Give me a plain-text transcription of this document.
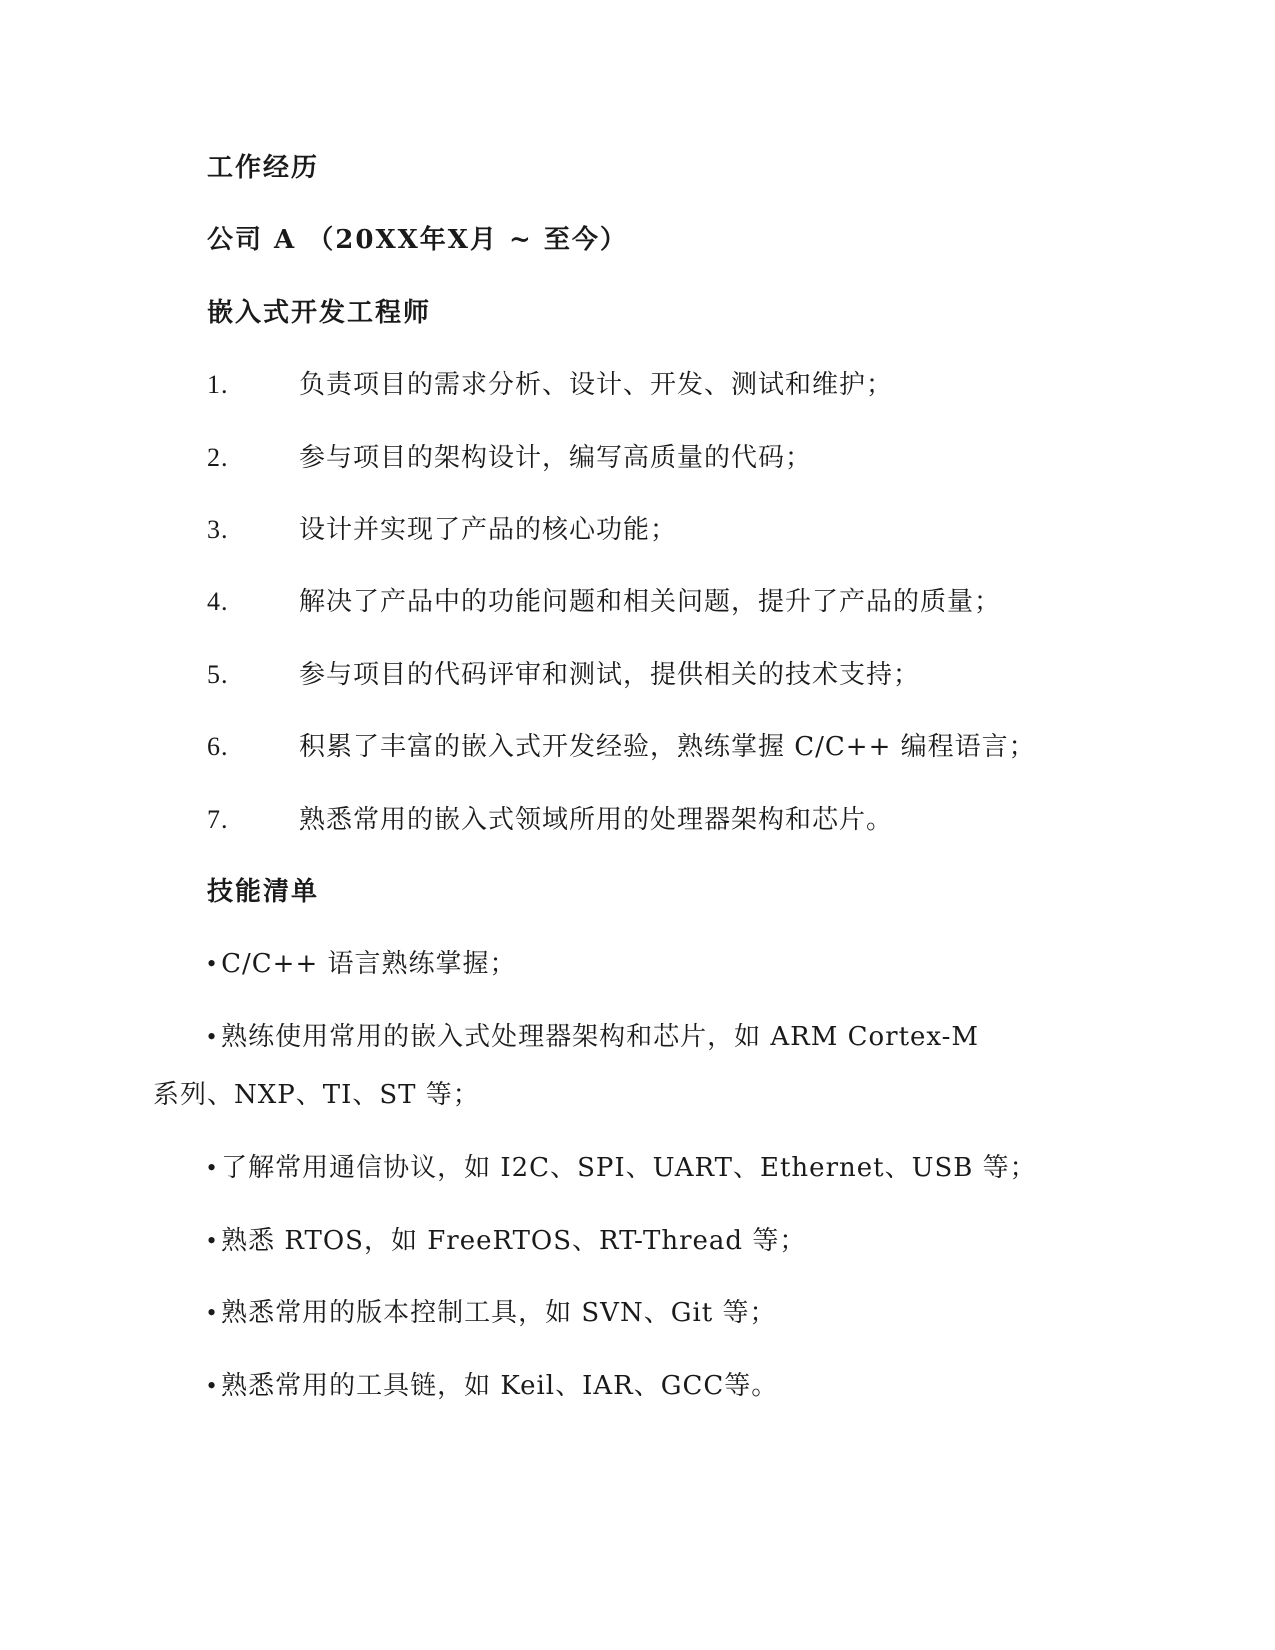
工作经历
公司 A （20XX年X月 ~ 至今）
嵌入式开发工程师
1.	负责项目的需求分析、设计、开发、测试和维护；
2.	参与项目的架构设计，编写高质量的代码；
3.	设计并实现了产品的核心功能；
4.	解决了产品中的功能问题和相关问题，提升了产品的质量；
5.	参与项目的代码评审和测试，提供相关的技术支持；
6.	积累了丰富的嵌入式开发经验，熟练掌握 C/C++ 编程语言；
7.	熟悉常用的嵌入式领域所用的处理器架构和芯片。
技能清单
• C/C++ 语言熟练掌握；
• 熟练使用常用的嵌入式处理器架构和芯片，如 ARM Cortex-M
系列、NXP、TI、ST 等；
• 了解常用通信协议，如 I2C、SPI、UART、Ethernet、USB 等；
• 熟悉 RTOS，如 FreeRTOS、RT-Thread 等；
• 熟悉常用的版本控制工具，如 SVN、Git 等；
• 熟悉常用的工具链，如 Keil、IAR、GCC等。
